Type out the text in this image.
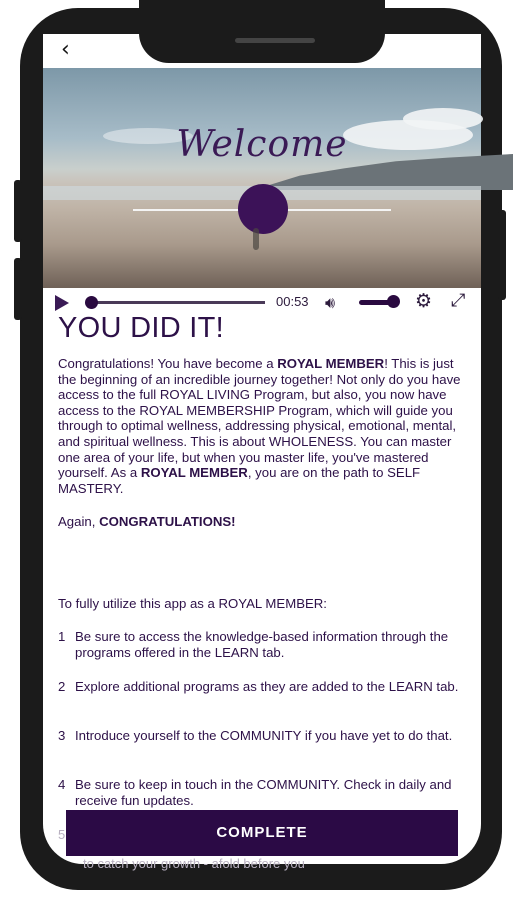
‹
Welcome
00:53 🔊︎	⚙ ⤢
YOU DID IT!

Congratulations! You have become a ROYAL MEMBER! This is just the beginning of an incredible journey together! Not only do you have access to the full ROYAL LIVING Program, but also, you now have access to the ROYAL MEMBERSHIP Program, which will guide you through to optimal wellness, addressing physical, emotional, mental, and spiritual wellness. This is about WHOLENESS. You can master one area of your life, but when you master life, you've mastered yourself. As a ROYAL MEMBER, you are on the path to SELF MASTERY.

Again, CONGRATULATIONS!

To fully utilize this app as a ROYAL MEMBER:
1 Be sure to access the knowledge-based information through the programs offered in the LEARN tab.
2 Explore additional programs as they are added to the LEARN tab.
3 Introduce yourself to the COMMUNITY if you have yet to do that.
4 Be sure to keep in touch in the COMMUNITY. Check in daily and receive fun updates.
5
to catch your growth - afold before you
COMPLETE
